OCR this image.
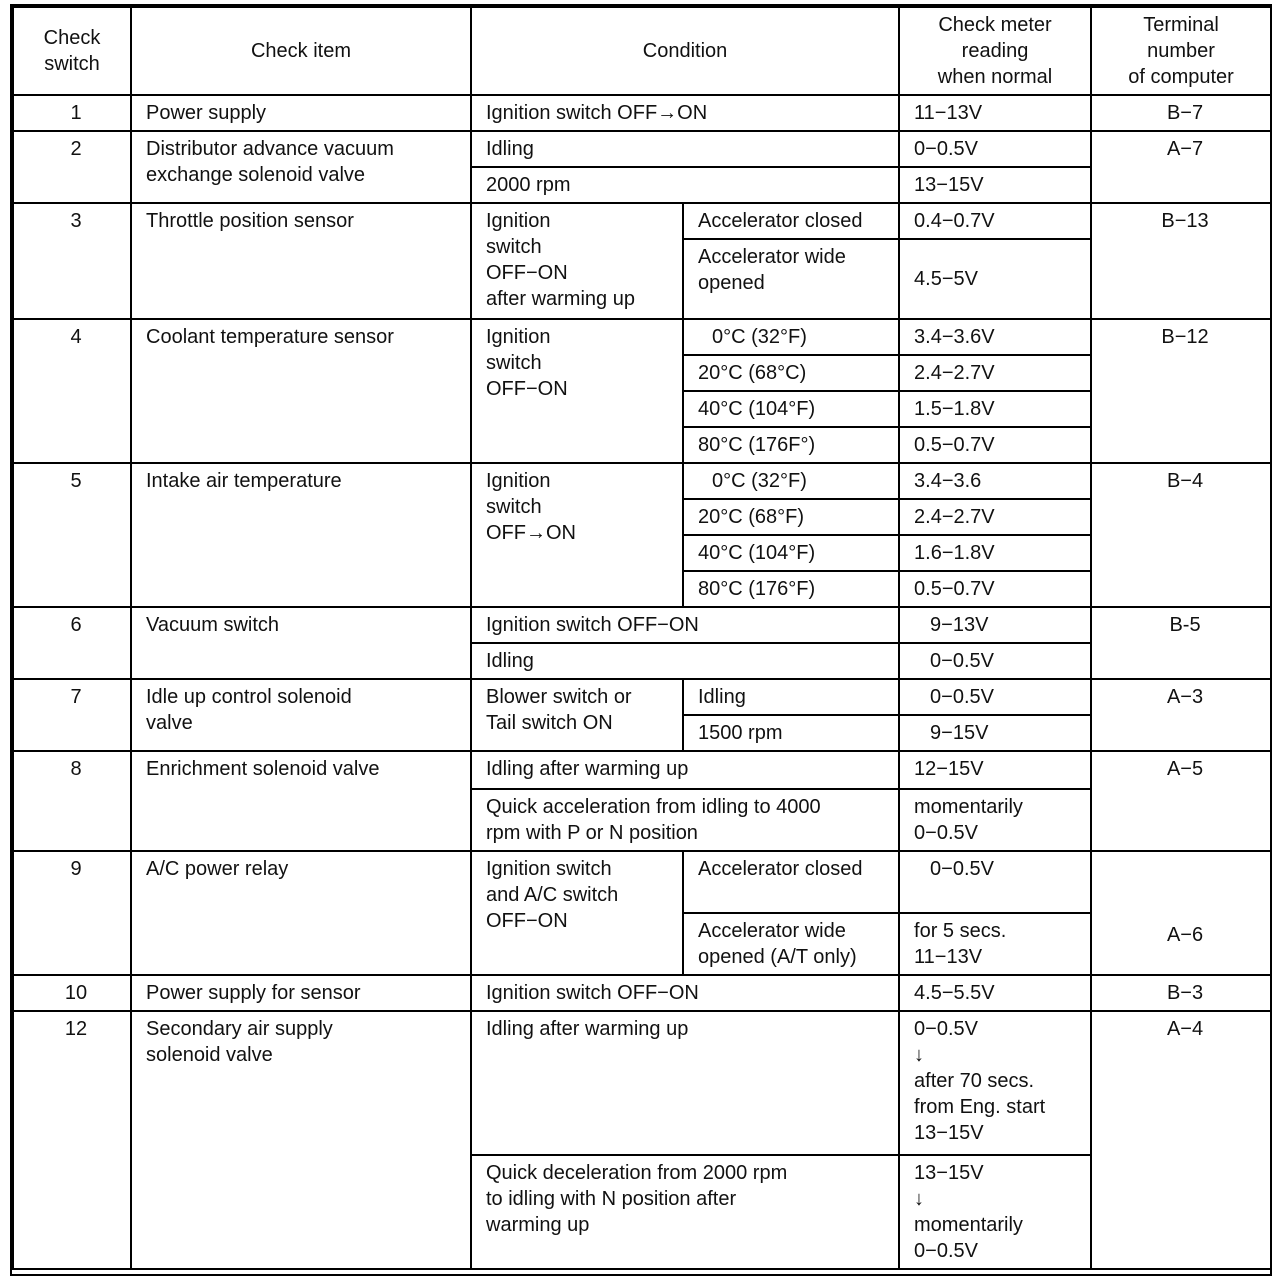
Check
switch	Check item	Condition		Check meter
reading
when normal	Terminal
number
of computer
1	Power supply	Ignition switch OFF→ON		11−13V	B−7
2	Distributor advance vacuum
exchange solenoid valve	Idling		0−0.5V	A−7
		2000 rpm		13−15V	
3	Throttle position sensor	Ignition
switch
OFF−ON
after warming up	Accelerator closed	0.4−0.7V	B−13
			Accelerator wide
opened	4.5−5V	
4	Coolant temperature sensor	Ignition
switch
OFF−ON	0°C (32°F)	3.4−3.6V	B−12
			20°C (68°C)	2.4−2.7V	
			40°C (104°F)	1.5−1.8V	
			80°C (176F°)	0.5−0.7V	
5	Intake air temperature	Ignition
switch
OFF→ON	0°C (32°F)	3.4−3.6	B−4
			20°C (68°F)	2.4−2.7V	
			40°C (104°F)	1.6−1.8V	
			80°C (176°F)	0.5−0.7V	
6	Vacuum switch	Ignition switch OFF−ON		9−13V	B-5
		Idling		0−0.5V	
7	Idle up control solenoid
valve	Blower switch or
Tail switch ON	Idling	0−0.5V	A−3
			1500 rpm	9−15V	
8	Enrichment solenoid valve	Idling after warming up		12−15V	A−5
		Quick acceleration from idling to 4000
rpm with P or N position		momentarily
0−0.5V	
9	A/C power relay	Ignition switch
and A/C switch
OFF−ON	Accelerator closed	0−0.5V	A−6
			Accelerator wide
opened (A/T only)	for 5 secs.
11−13V	
10	Power supply for sensor	Ignition switch OFF−ON		4.5−5.5V	B−3
12	Secondary air supply
solenoid valve	Idling after warming up		0−0.5V
↓
after 70 secs.
from Eng. start
13−15V	A−4
		Quick deceleration from 2000 rpm
to idling with N position after
warming up		13−15V
↓
momentarily
0−0.5V	
